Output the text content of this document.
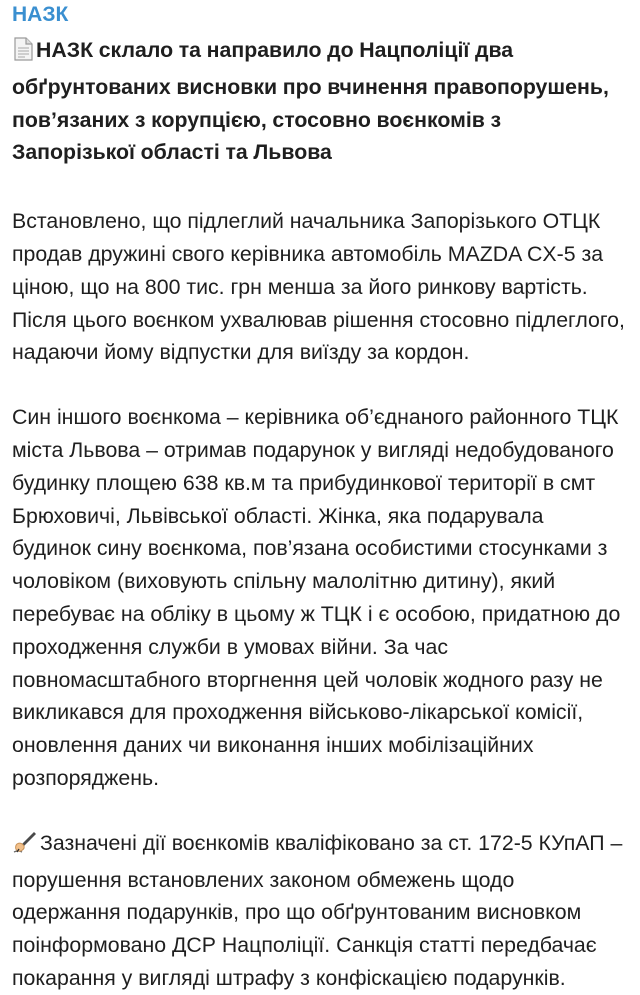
НАЗК
НАЗК склало та направило до Нацполіції два обґрунтованих висновки про вчинення правопорушень, пов’язаних з корупцією, стосовно воєнкомів з Запорізької області та Львова

Встановлено, що підлеглий начальника Запорізького ОТЦК продав дружині свого керівника автомобіль MAZDA CX-5 за ціною, що на 800 тис. грн менша за його ринкову вартість. Після цього воєнком ухвалював рішення стосовно підлеглого, надаючи йому відпустки для виїзду за кордон.

Син іншого воєнкома – керівника об’єднаного районного ТЦК міста Львова – отримав подарунок у вигляді недобудованого будинку площею 638 кв.м та прибудинкової території в смт Брюховичі, Львівської області. Жінка, яка подарувала будинок сину воєнкома, пов’язана особистими стосунками з чоловіком (виховують спільну малолітню дитину), який перебуває на обліку в цьому ж ТЦК і є особою, придатною до проходження служби в умовах війни. За час повномасштабного вторгнення цей чоловік жодного разу не викликався для проходження військово-лікарської комісії, оновлення даних чи виконання інших мобілізаційних розпоряджень.

Зазначені дії воєнкомів кваліфіковано за ст. 172-5 КУпАП – порушення встановлених законом обмежень щодо одержання подарунків, про що обґрунтованим висновком поінформовано ДСР Нацполіції. Санкція статті передбачає покарання у вигляді штрафу з конфіскацією подарунків.
